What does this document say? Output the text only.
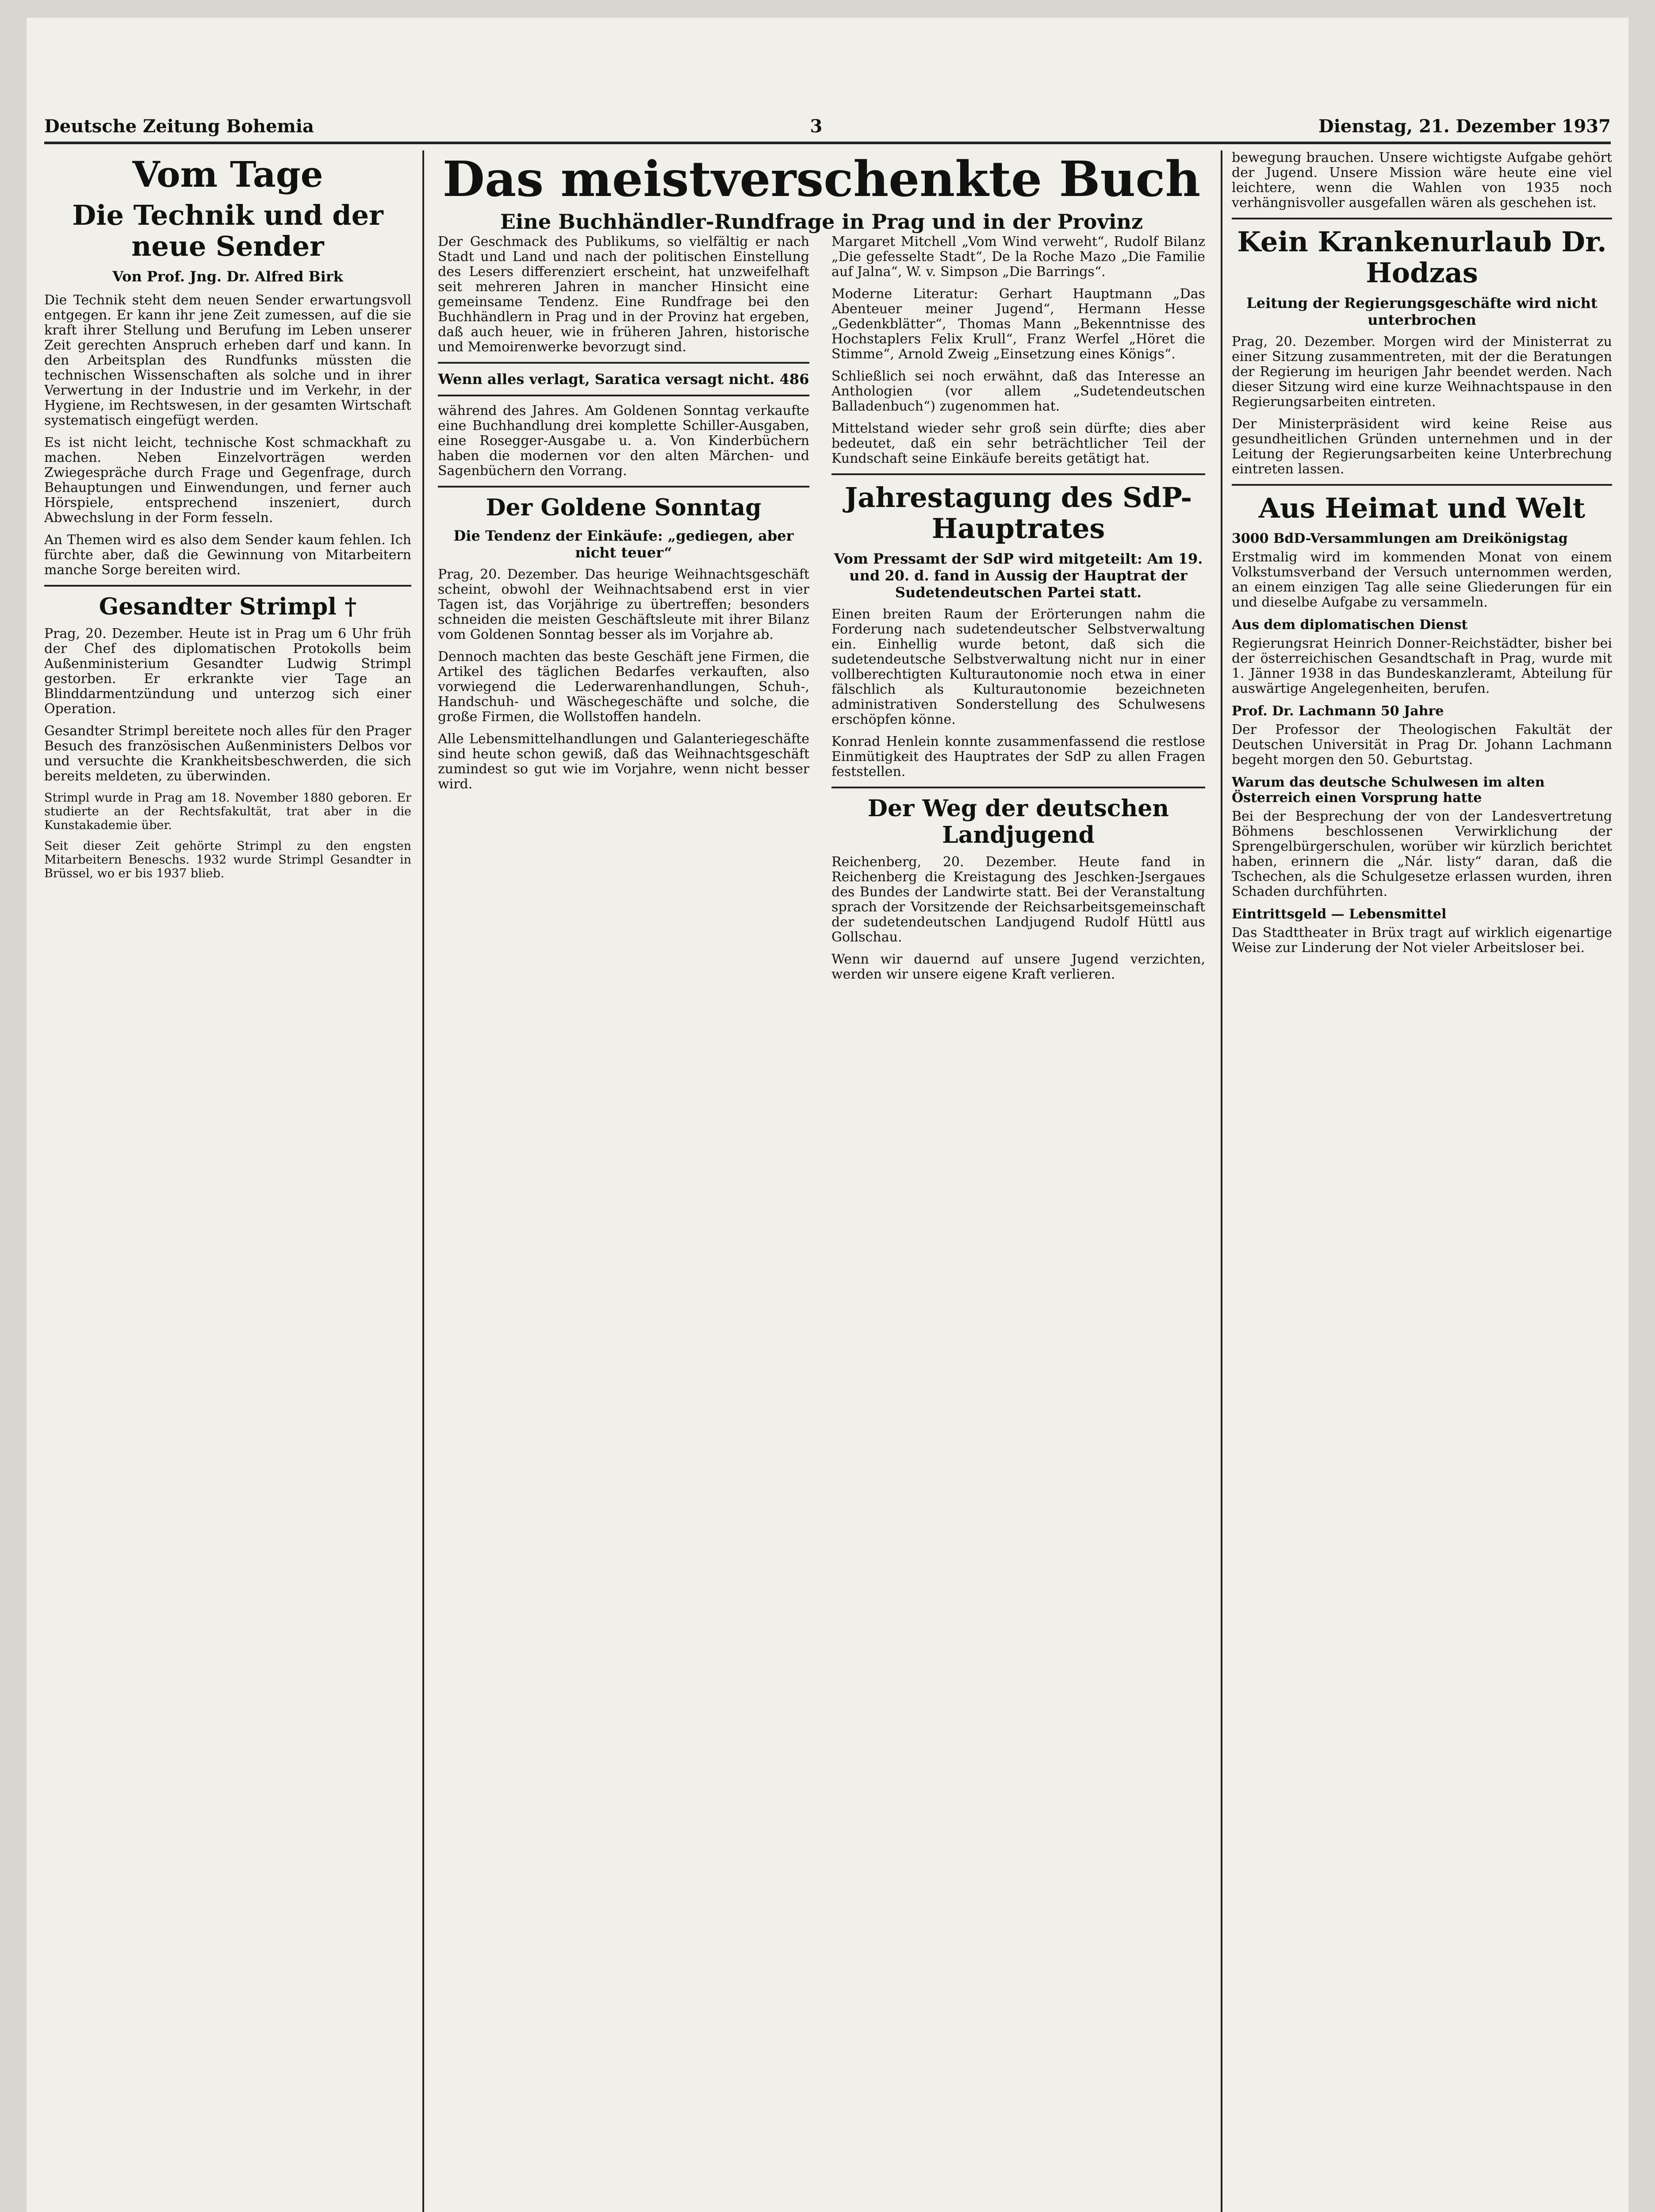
Deutsche Zeitung Bohemia	3	Dienstag, 21. Dezember 1937
Vom Tage
Die Technik und der neue Sender
Von Prof. Jng. Dr. Alfred Birk

Die Technik steht dem neuen Sender erwartungsvoll entgegen. Er kann ihr jene Zeit zumessen, auf die sie kraft ihrer Stellung und Berufung im Leben unserer Zeit gerechten Anspruch erheben darf und kann. In den Arbeitsplan des Rundfunks müssten die technischen Wissenschaften als solche und in ihrer Verwertung in der Industrie und im Verkehr, in der Hygiene, im Rechtswesen, in der gesamten Wirtschaft systematisch eingefügt werden.

Es ist nicht leicht, technische Kost schmackhaft zu machen. Neben Einzelvorträgen werden Zwiegespräche durch Frage und Gegenfrage, durch Behauptungen und Einwendungen, und ferner auch Hörspiele, entsprechend inszeniert, durch Abwechslung in der Form fesseln.

An Themen wird es also dem Sender kaum fehlen. Ich fürchte aber, daß die Gewinnung von Mitarbeitern manche Sorge bereiten wird.

Gesandter Strimpl †

Prag, 20. Dezember. Heute ist in Prag um 6 Uhr früh der Chef des diplomatischen Protokolls beim Außenministerium Gesandter Ludwig Strimpl gestorben. Er erkrankte vier Tage an Blinddarmentzündung und unterzog sich einer Operation.

Gesandter Strimpl bereitete noch alles für den Prager Besuch des französischen Außenministers Delbos vor und versuchte die Krankheitsbeschwerden, die sich bereits meldeten, zu überwinden.

Strimpl wurde in Prag am 18. November 1880 geboren. Er studierte an der Rechtsfakultät, trat aber in die Kunstakademie über.

Seit dieser Zeit gehörte Strimpl zu den engsten Mitarbeitern Beneschs. 1932 wurde Strimpl Gesandter in Brüssel, wo er bis 1937 blieb.

Das meistverschenkte Buch
Eine Buchhändler-Rundfrage in Prag und in der Provinz

Der Geschmack des Publikums, so vielfältig er nach Stadt und Land und nach der politischen Einstellung des Lesers differenziert erscheint, hat unzweifelhaft seit mehreren Jahren in mancher Hinsicht eine gemeinsame Tendenz. Eine Rundfrage bei den Buchhändlern in Prag und in der Provinz hat ergeben, daß auch heuer, wie in früheren Jahren, historische und Memoirenwerke bevorzugt sind.

Wenn alles verlagt, Saratica versagt nicht. 486

während des Jahres. Am Goldenen Sonntag verkaufte eine Buchhandlung drei komplette Schiller-Ausgaben, eine Rosegger-Ausgabe u. a. Von Kinderbüchern haben die modernen vor den alten Märchen- und Sagenbüchern den Vorrang.

Der Goldene Sonntag
Die Tendenz der Einkäufe: „gediegen, aber nicht teuer“

Prag, 20. Dezember. Das heurige Weihnachtsgeschäft scheint, obwohl der Weihnachtsabend erst in vier Tagen ist, das Vorjährige zu übertreffen; besonders schneiden die meisten Geschäftsleute mit ihrer Bilanz vom Goldenen Sonntag besser als im Vorjahre ab.

Dennoch machten das beste Geschäft jene Firmen, die Artikel des täglichen Bedarfes verkauften, also vorwiegend die Lederwarenhandlungen, Schuh-, Handschuh- und Wäschegeschäfte und solche, die große Firmen, die Wollstoffen handeln.

Alle Lebensmittelhandlungen und Galanteriegeschäfte sind heute schon gewiß, daß das Weihnachtsgeschäft zumindest so gut wie im Vorjahre, wenn nicht besser wird.

Margaret Mitchell „Vom Wind verweht“, Rudolf Bilanz „Die gefesselte Stadt“, De la Roche Mazo „Die Familie auf Jalna“, W. v. Simpson „Die Barrings“.

Moderne Literatur: Gerhart Hauptmann „Das Abenteuer meiner Jugend“, Hermann Hesse „Gedenkblätter“, Thomas Mann „Bekenntnisse des Hochstaplers Felix Krull“, Franz Werfel „Höret die Stimme“, Arnold Zweig „Einsetzung eines Königs“.

Schließlich sei noch erwähnt, daß das Interesse an Anthologien (vor allem „Sudetendeutschen Balladenbuch“) zugenommen hat.

Mittelstand wieder sehr groß sein dürfte; dies aber bedeutet, daß ein sehr beträchtlicher Teil der Kundschaft seine Einkäufe bereits getätigt hat.

Jahrestagung des SdP-Hauptrates
Vom Pressamt der SdP wird mitgeteilt: Am 19. und 20. d. fand in Aussig der Hauptrat der Sudetendeutschen Partei statt.

Einen breiten Raum der Erörterungen nahm die Forderung nach sudetendeutscher Selbstverwaltung ein. Einhellig wurde betont, daß sich die sudetendeutsche Selbstverwaltung nicht nur in einer vollberechtigten Kulturautonomie noch etwa in einer fälschlich als Kulturautonomie bezeichneten administrativen Sonderstellung des Schulwesens erschöpfen könne.

Konrad Henlein konnte zusammenfassend die restlose Einmütigkeit des Hauptrates der SdP zu allen Fragen feststellen.

Der Weg der deutschen Landjugend

Reichenberg, 20. Dezember. Heute fand in Reichenberg die Kreistagung des Jeschken-Jsergaues des Bundes der Landwirte statt. Bei der Veranstaltung sprach der Vorsitzende der Reichsarbeitsgemeinschaft der sudetendeutschen Landjugend Rudolf Hüttl aus Gollschau.

Wenn wir dauernd auf unsere Jugend verzichten, werden wir unsere eigene Kraft verlieren.

bewegung brauchen. Unsere wichtigste Aufgabe gehört der Jugend. Unsere Mission wäre heute eine viel leichtere, wenn die Wahlen von 1935 noch verhängnisvoller ausgefallen wären als geschehen ist.

Kein Krankenurlaub Dr. Hodzas
Leitung der Regierungsgeschäfte wird nicht unterbrochen

Prag, 20. Dezember. Morgen wird der Ministerrat zu einer Sitzung zusammentreten, mit der die Beratungen der Regierung im heurigen Jahr beendet werden. Nach dieser Sitzung wird eine kurze Weihnachtspause in den Regierungsarbeiten eintreten.

Der Ministerpräsident wird keine Reise aus gesundheitlichen Gründen unternehmen und in der Leitung der Regierungsarbeiten keine Unterbrechung eintreten lassen.

Aus Heimat und Welt
3000 BdD-Versammlungen am Dreikönigstag

Erstmalig wird im kommenden Monat von einem Volkstumsverband der Versuch unternommen werden, an einem einzigen Tag alle seine Gliederungen für ein und dieselbe Aufgabe zu versammeln.

Aus dem diplomatischen Dienst

Regierungsrat Heinrich Donner-Reichstädter, bisher bei der österreichischen Gesandtschaft in Prag, wurde mit 1. Jänner 1938 in das Bundeskanzleramt, Abteilung für auswärtige Angelegenheiten, berufen.

Prof. Dr. Lachmann 50 Jahre

Der Professor der Theologischen Fakultät der Deutschen Universität in Prag Dr. Johann Lachmann begeht morgen den 50. Geburtstag.

Warum das deutsche Schulwesen im alten Österreich einen Vorsprung hatte

Bei der Besprechung der von der Landesvertretung Böhmens beschlossenen Verwirklichung der Sprengelbürgerschulen, worüber wir kürzlich berichtet haben, erinnern die „Nár. listy“ daran, daß die Tschechen, als die Schulgesetze erlassen wurden, ihren Schaden durchführten.

Eintrittsgeld — Lebensmittel

Das Stadttheater in Brüx tragt auf wirklich eigenartige Weise zur Linderung der Not vieler Arbeitsloser bei.
